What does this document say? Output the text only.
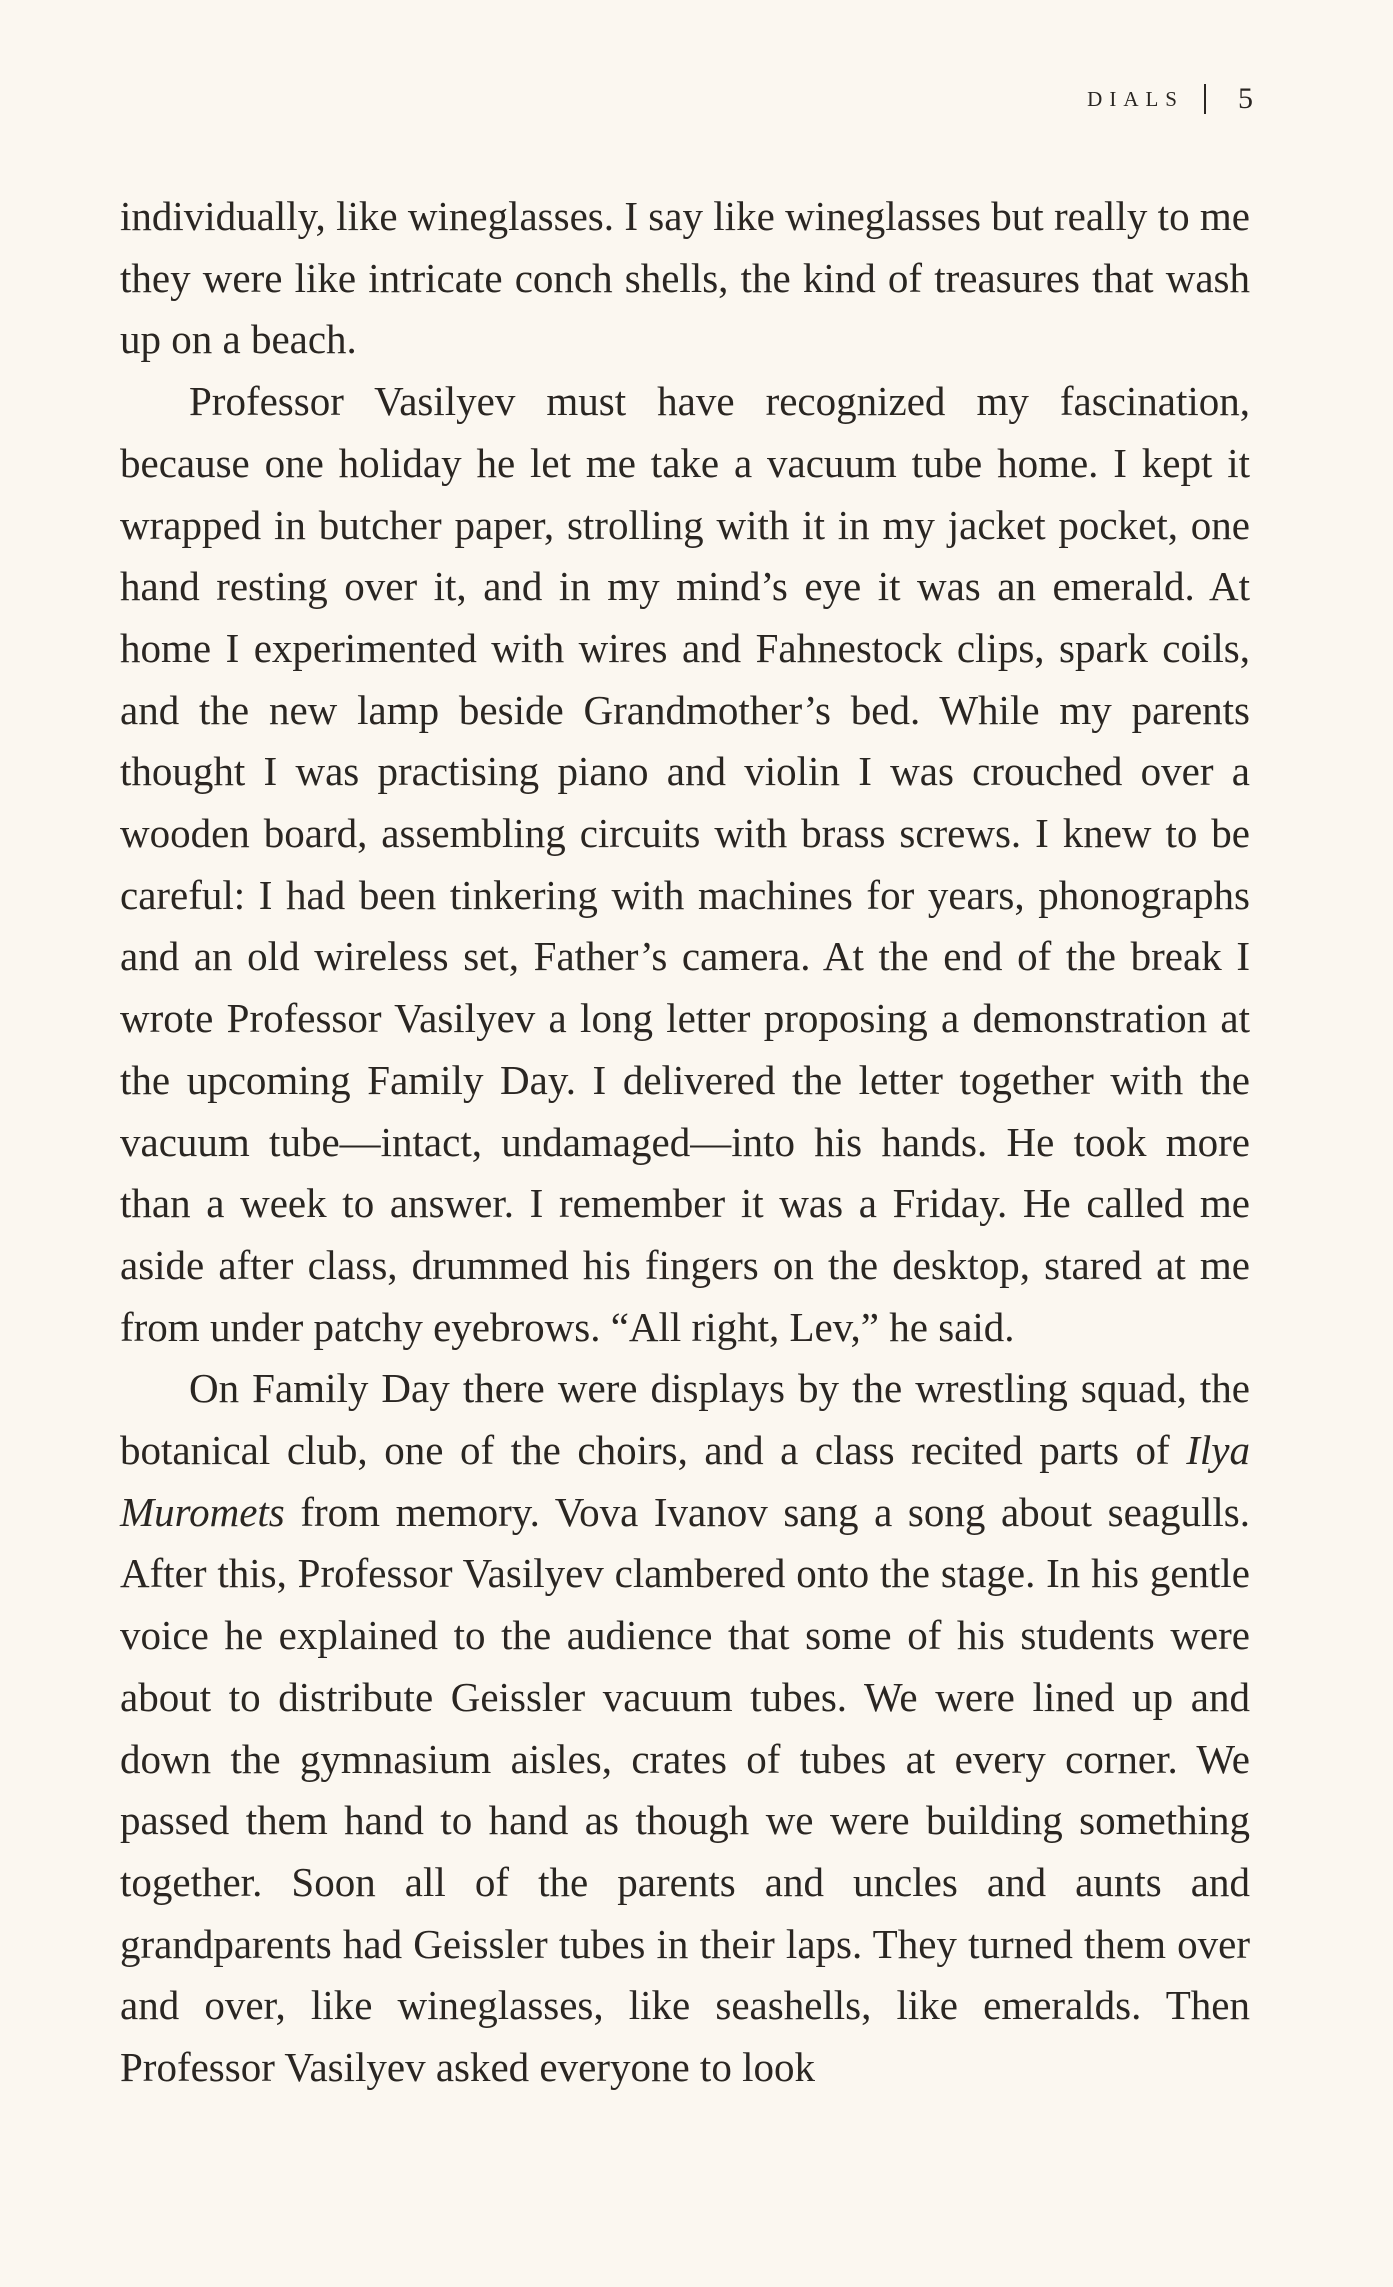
DIALS 5

individually, like wineglasses. I say like wineglasses but really to me they were like intricate conch shells, the kind of treasures that wash up on a beach.

Professor Vasilyev must have recognized my fascination, because one holiday he let me take a vacuum tube home. I kept it wrapped in butcher paper, strolling with it in my jacket pocket, one hand resting over it, and in my mind’s eye it was an emerald. At home I experimented with wires and Fahnestock clips, spark coils, and the new lamp beside Grandmother’s bed. While my parents thought I was practising piano and violin I was crouched over a wooden board, assembling circuits with brass screws. I knew to be careful: I had been tinkering with machines for years, phonographs and an old wireless set, Father’s camera. At the end of the break I wrote Professor Vasilyev a long letter proposing a demonstration at the upcoming Family Day. I delivered the letter together with the vacuum tube—intact, undamaged—into his hands. He took more than a week to answer. I remember it was a Friday. He called me aside after class, drummed his fingers on the desktop, stared at me from under patchy eyebrows. “All right, Lev,” he said.

On Family Day there were displays by the wrestling squad, the botanical club, one of the choirs, and a class recited parts of Ilya Muromets from memory. Vova Ivanov sang a song about seagulls. After this, Professor Vasilyev clambered onto the stage. In his gentle voice he explained to the audience that some of his students were about to distribute Geissler vacuum tubes. We were lined up and down the gymnasium aisles, crates of tubes at every corner. We passed them hand to hand as though we were building something together. Soon all of the parents and uncles and aunts and grandparents had Geissler tubes in their laps. They turned them over and over, like wineglasses, like seashells, like emeralds. Then Professor Vasilyev asked everyone to look
